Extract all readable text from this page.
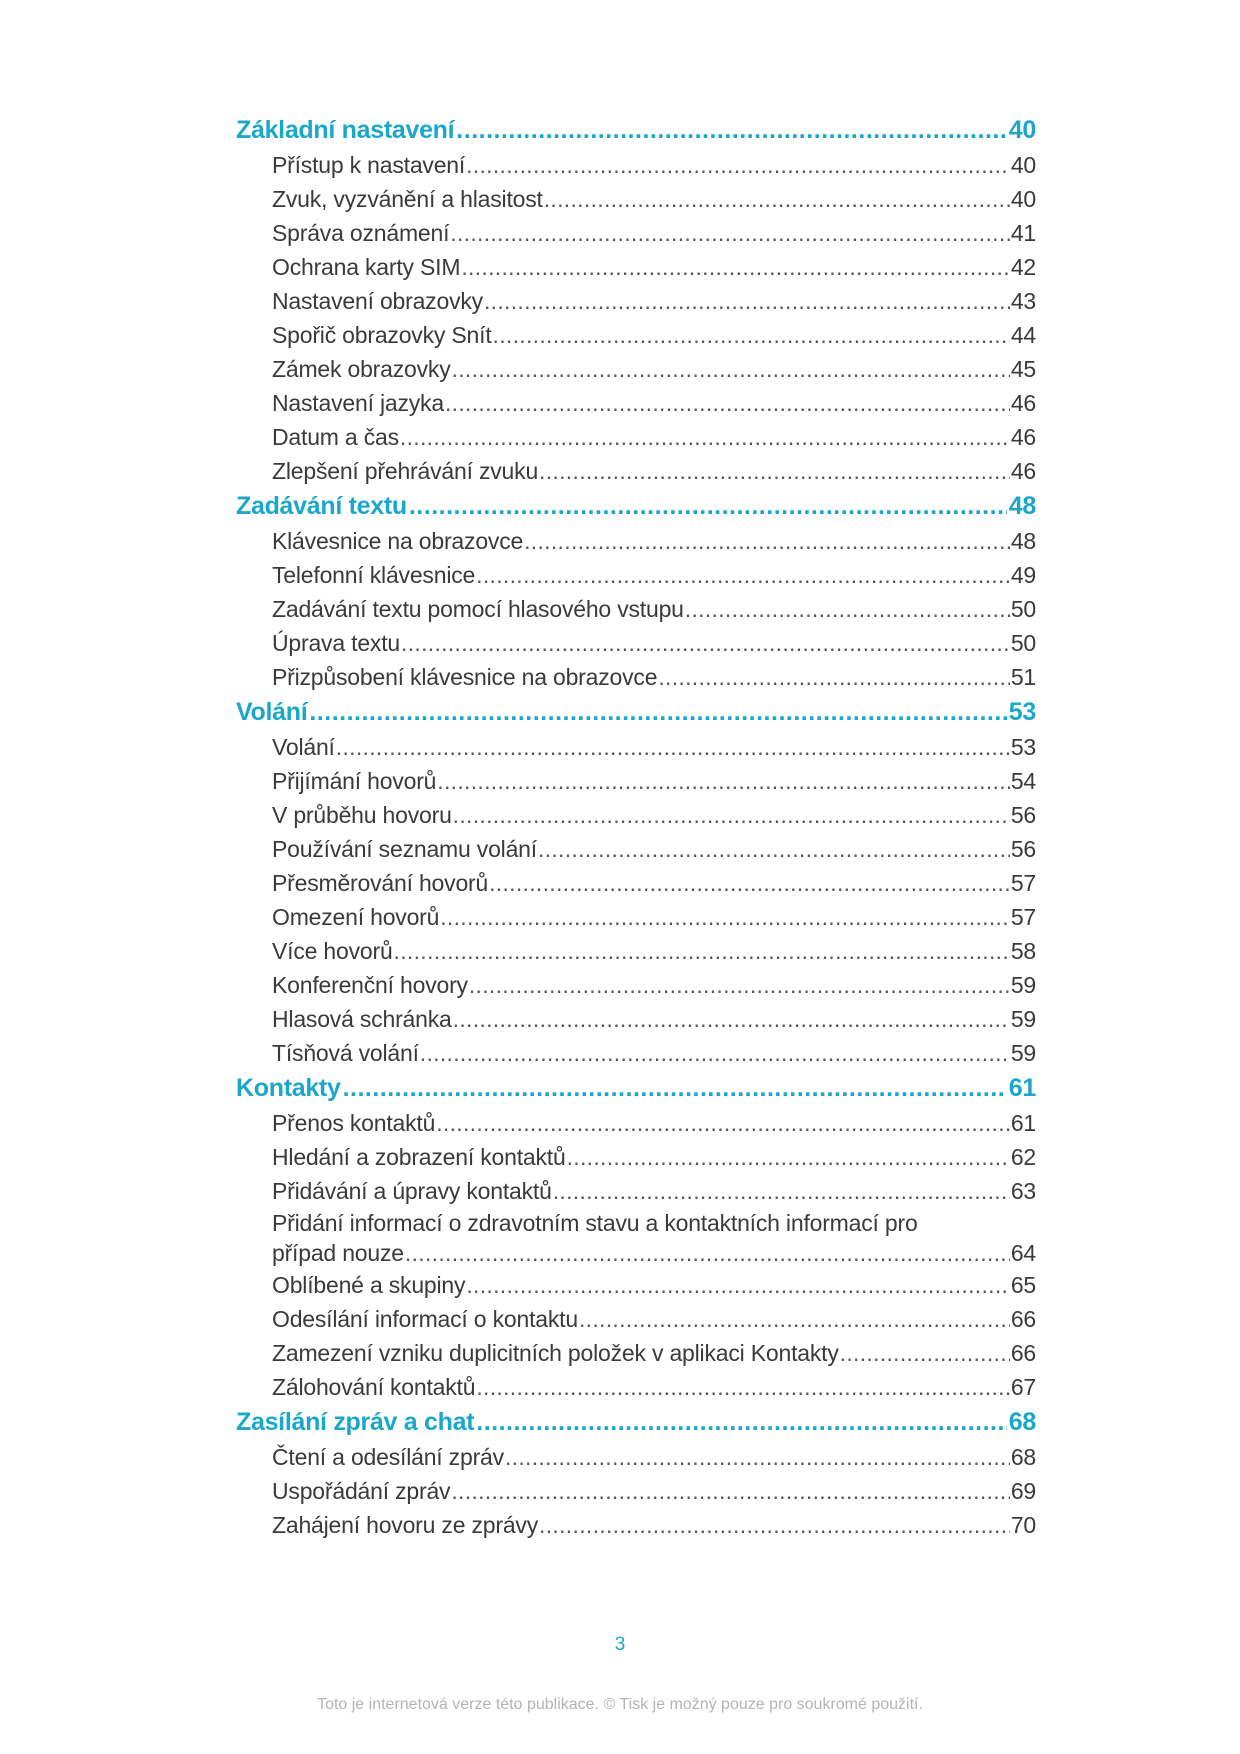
Základní nastavení .....	40
Přístup k nastavení .....	40
Zvuk, vyzvánění a hlasitost .....	40
Správa oznámení .....	41
Ochrana karty SIM .....	42
Nastavení obrazovky .....	43
Spořič obrazovky Snít .....	44
Zámek obrazovky .....	45
Nastavení jazyka .....	46
Datum a čas .....	46
Zlepšení přehrávání zvuku .....	46
Zadávání textu .....	48
Klávesnice na obrazovce .....	48
Telefonní klávesnice .....	49
Zadávání textu pomocí hlasového vstupu .....	50
Úprava textu .....	50
Přizpůsobení klávesnice na obrazovce .....	51
Volání .....	53
Volání .....	53
Přijímání hovorů .....	54
V průběhu hovoru .....	56
Používání seznamu volání .....	56
Přesměrování hovorů .....	57
Omezení hovorů .....	57
Více hovorů .....	58
Konferenční hovory .....	59
Hlasová schránka .....	59
Tísňová volání .....	59
Kontakty .....	61
Přenos kontaktů .....	61
Hledání a zobrazení kontaktů .....	62
Přidávání a úpravy kontaktů .....	63
Přidání informací o zdravotním stavu a kontaktních informací pro
případ nouze .....	64
Oblíbené a skupiny .....	65
Odesílání informací o kontaktu .....	66
Zamezení vzniku duplicitních položek v aplikaci Kontakty .....	66
Zálohování kontaktů .....	67
Zasílání zpráv a chat .....	68
Čtení a odesílání zpráv .....	68
Uspořádání zpráv .....	69
Zahájení hovoru ze zprávy .....	70
3
Toto je internetová verze této publikace. © Tisk je možný pouze pro soukromé použití.
